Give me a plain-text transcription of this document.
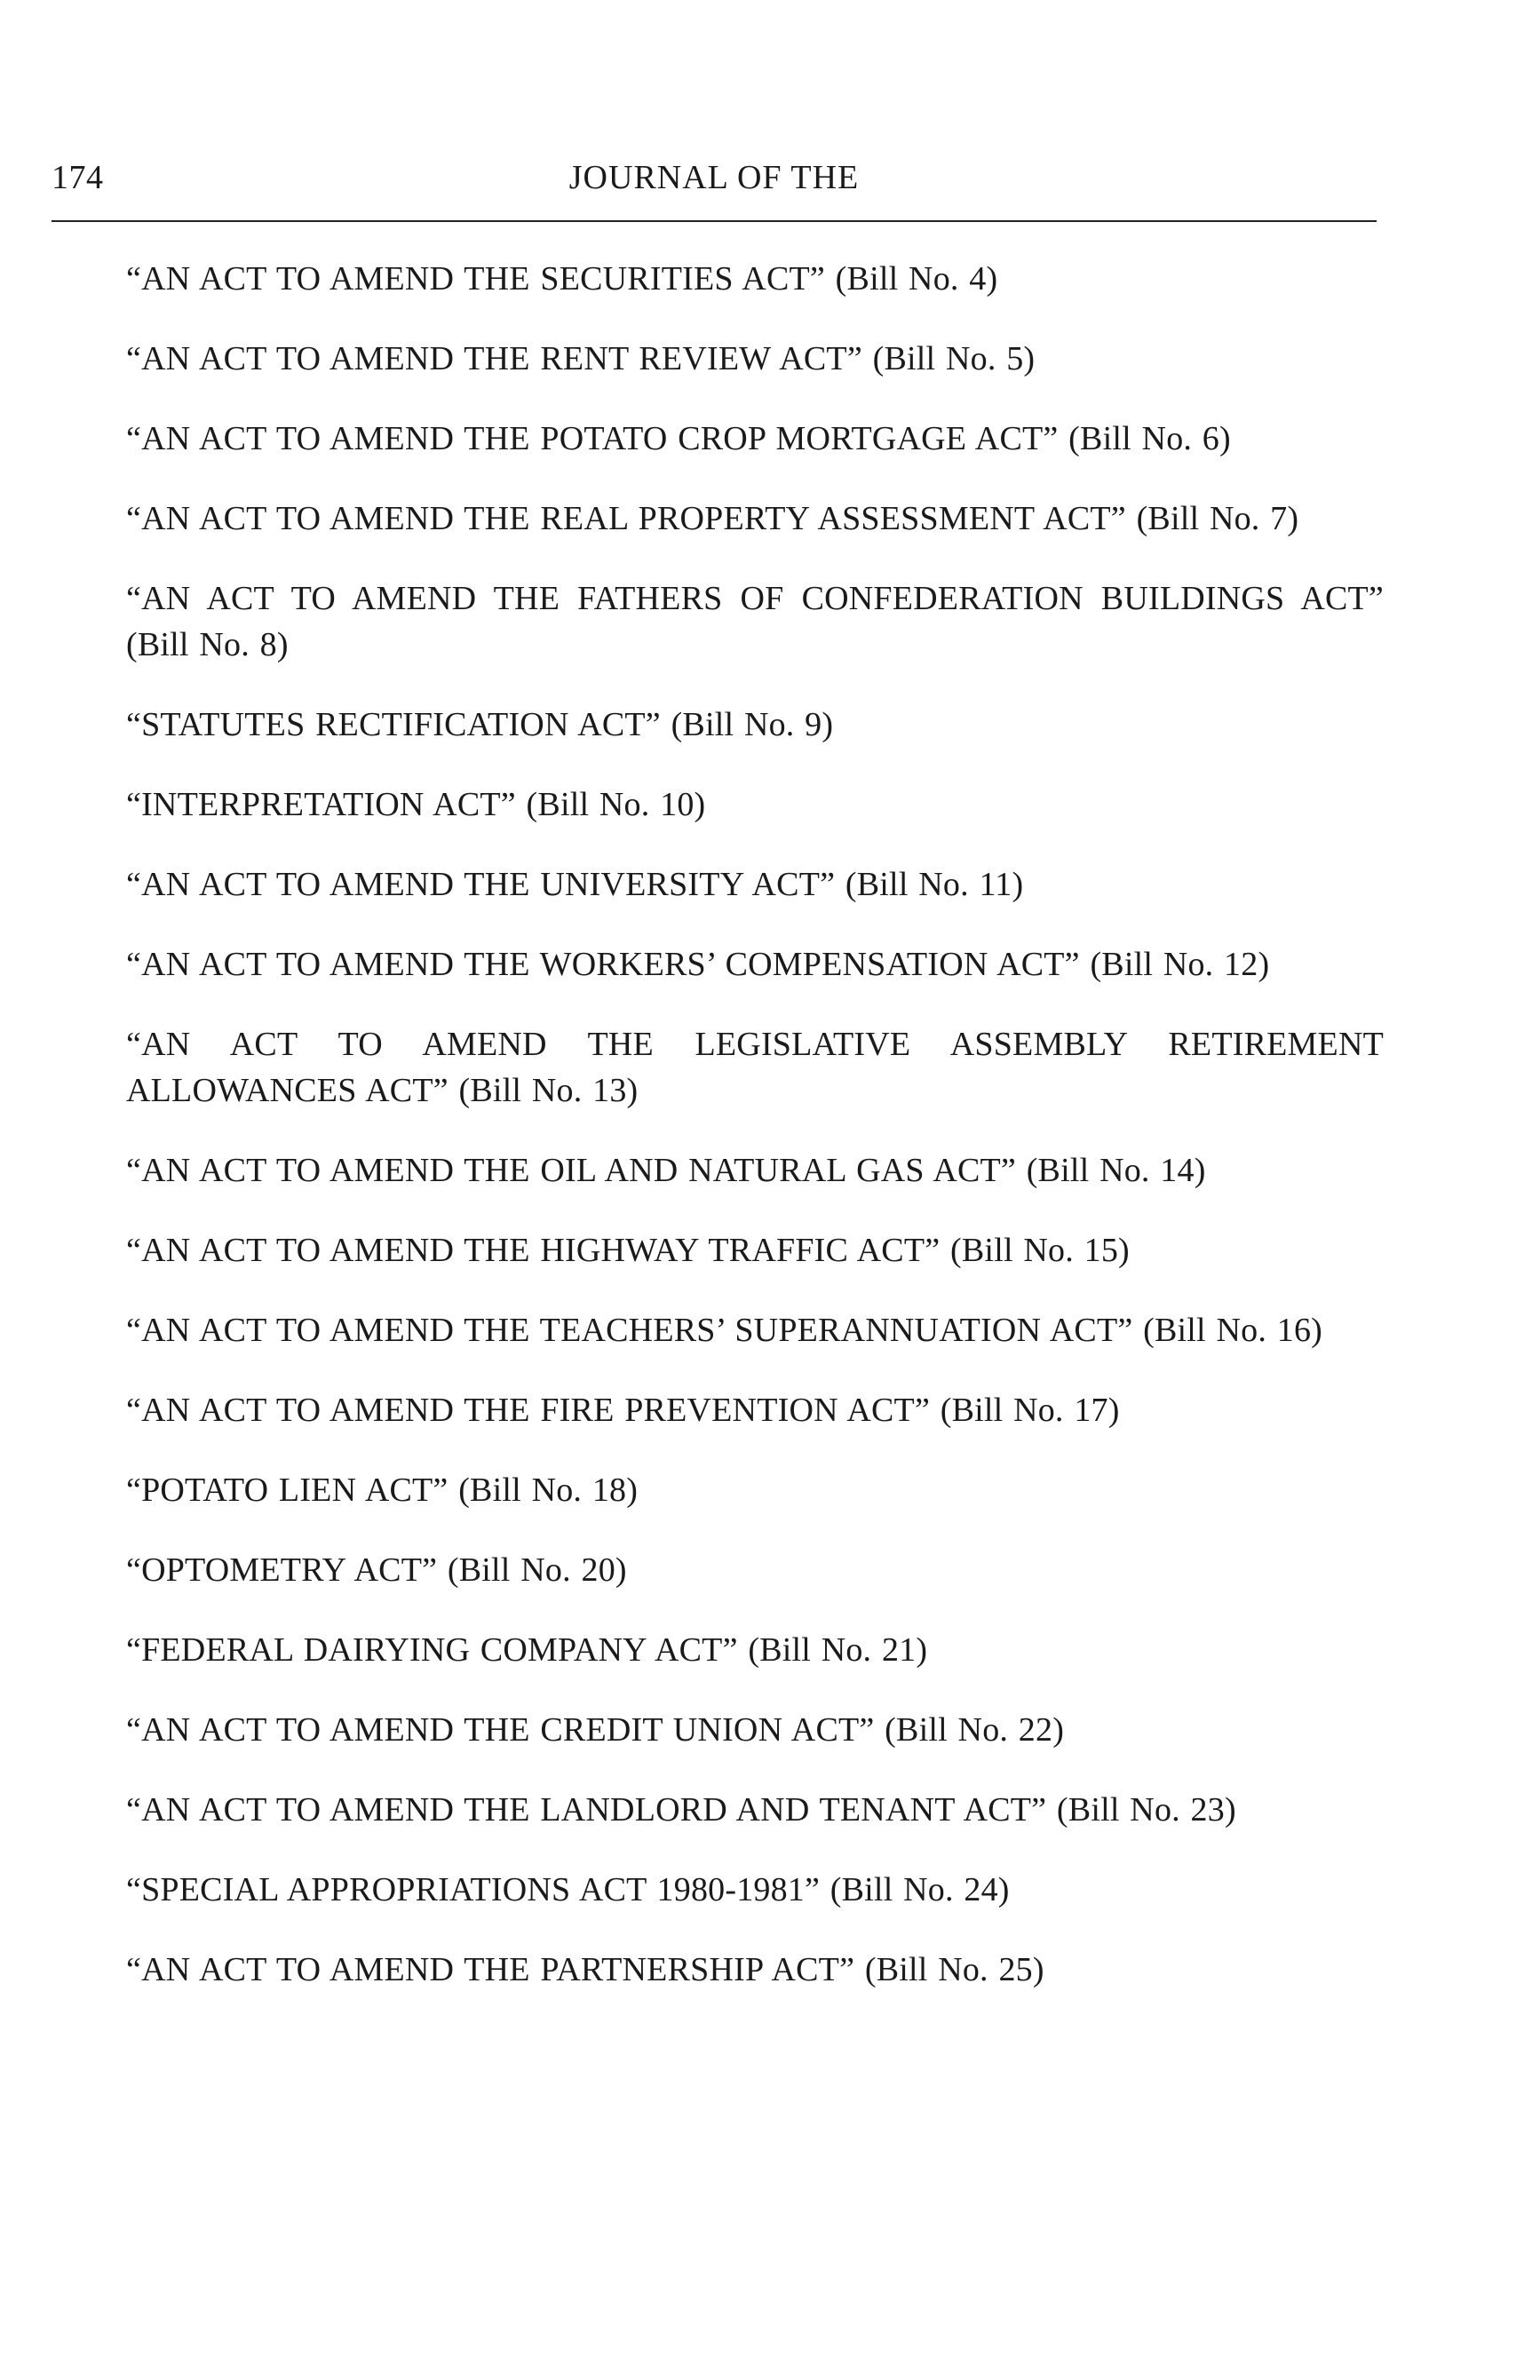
174	JOURNAL OF THE
“AN ACT TO AMEND THE SECURITIES ACT” (Bill No. 4)
“AN ACT TO AMEND THE RENT REVIEW ACT” (Bill No. 5)
“AN ACT TO AMEND THE POTATO CROP MORTGAGE ACT” (Bill No. 6)
“AN ACT TO AMEND THE REAL PROPERTY ASSESSMENT ACT” (Bill No. 7)
“AN ACT TO AMEND THE FATHERS OF CONFEDERATION BUILDINGS ACT” (Bill No. 8)
“STATUTES RECTIFICATION ACT” (Bill No. 9)
“INTERPRETATION ACT” (Bill No. 10)
“AN ACT TO AMEND THE UNIVERSITY ACT” (Bill No. 11)
“AN ACT TO AMEND THE WORKERS’ COMPENSATION ACT” (Bill No. 12)
“AN ACT TO AMEND THE LEGISLATIVE ASSEMBLY RETIREMENT ALLOWANCES ACT” (Bill No. 13)
“AN ACT TO AMEND THE OIL AND NATURAL GAS ACT” (Bill No. 14)
“AN ACT TO AMEND THE HIGHWAY TRAFFIC ACT” (Bill No. 15)
“AN ACT TO AMEND THE TEACHERS’ SUPERANNUATION ACT” (Bill No. 16)
“AN ACT TO AMEND THE FIRE PREVENTION ACT” (Bill No. 17)
“POTATO LIEN ACT” (Bill No. 18)
“OPTOMETRY ACT” (Bill No. 20)
“FEDERAL DAIRYING COMPANY ACT” (Bill No. 21)
“AN ACT TO AMEND THE CREDIT UNION ACT” (Bill No. 22)
“AN ACT TO AMEND THE LANDLORD AND TENANT ACT” (Bill No. 23)
“SPECIAL APPROPRIATIONS ACT 1980-1981” (Bill No. 24)
“AN ACT TO AMEND THE PARTNERSHIP ACT” (Bill No. 25)
